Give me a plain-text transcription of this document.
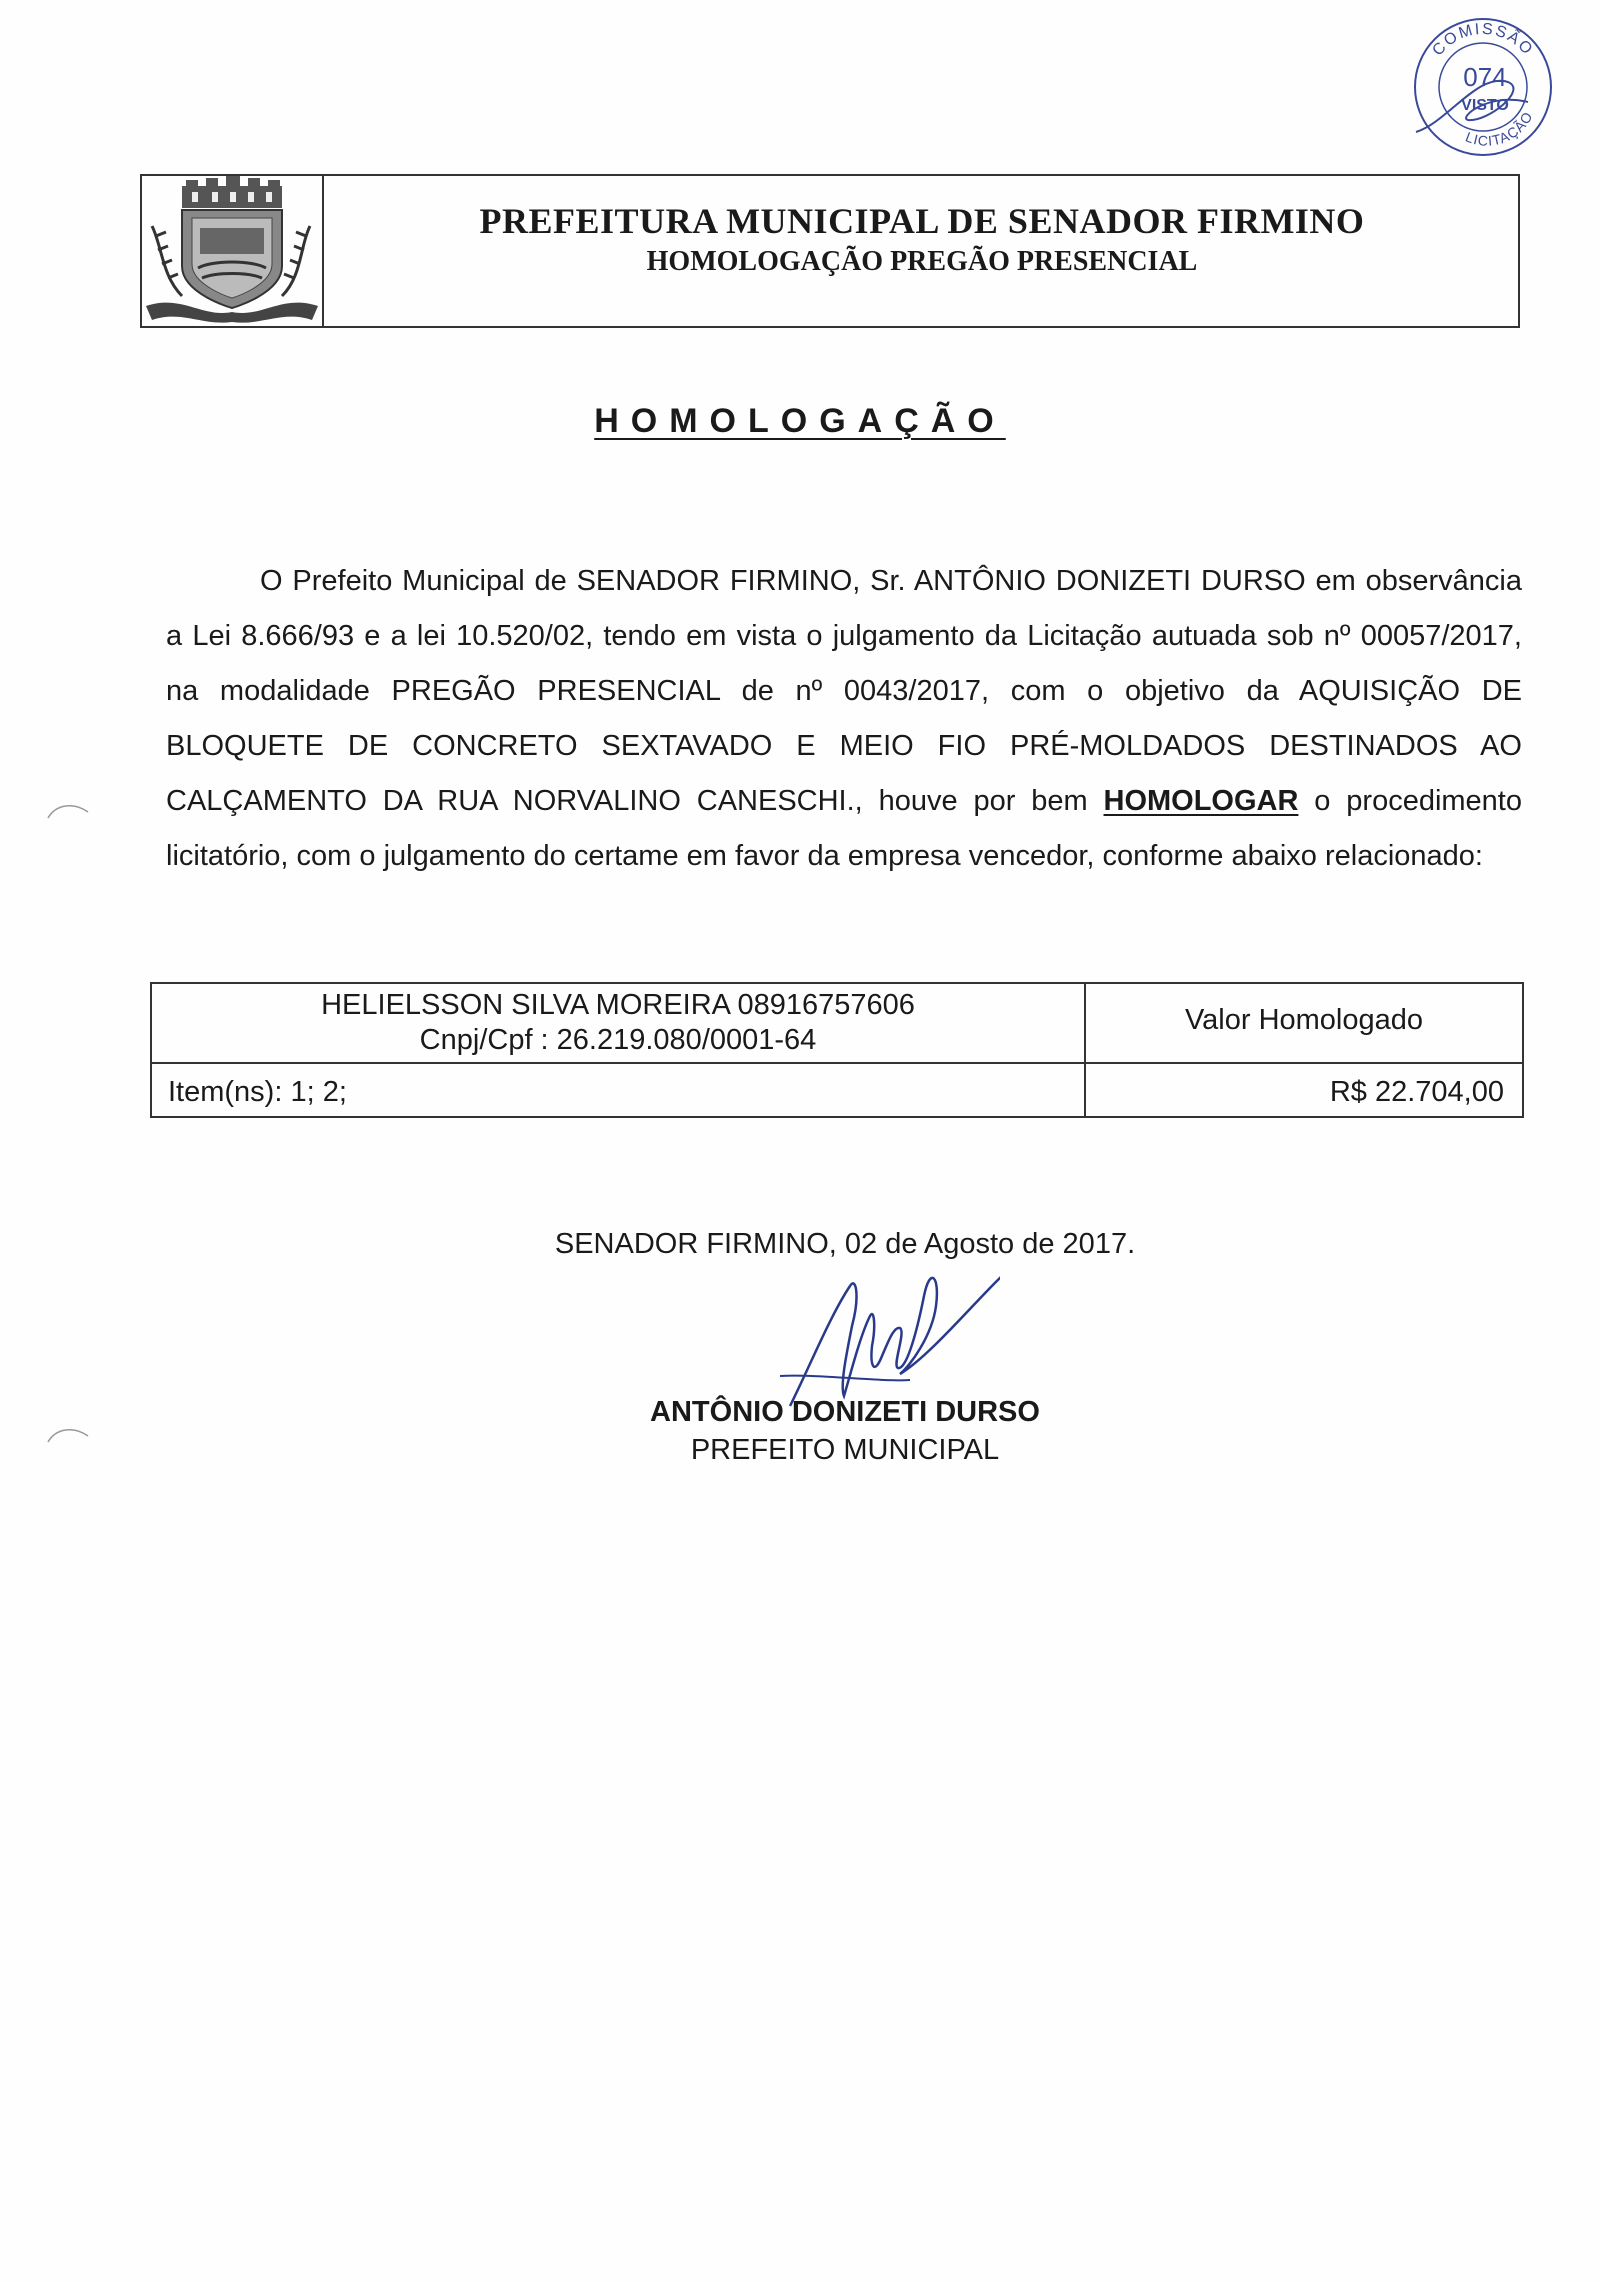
COMISSÃO
074
VISTO
LICITAÇÃO
PREFEITURA MUNICIPAL DE SENADOR FIRMINO
HOMOLOGAÇÃO PREGÃO PRESENCIAL
HOMOLOGAÇÃO
O Prefeito Municipal de SENADOR FIRMINO, Sr. ANTÔNIO DONIZETI DURSO em observância a Lei 8.666/93 e a lei 10.520/02, tendo em vista o julgamento da Licitação autuada sob nº 00057/2017, na modalidade PREGÃO PRESENCIAL de nº 0043/2017, com o objetivo da AQUISIÇÃO DE BLOQUETE DE CONCRETO SEXTAVADO E MEIO FIO PRÉ-MOLDADOS DESTINADOS AO CALÇAMENTO DA RUA NORVALINO CANESCHI., houve por bem HOMOLOGAR o procedimento licitatório, com o julgamento do certame em favor da empresa vencedor, conforme abaixo relacionado:
HELIELSSON SILVA MOREIRA 08916757606
Cnpj/Cpf : 26.219.080/0001-64
Valor Homologado
Item(ns): 1; 2;	R$ 22.704,00
SENADOR FIRMINO, 02 de Agosto de 2017.
ANTÔNIO DONIZETI DURSO
PREFEITO MUNICIPAL
